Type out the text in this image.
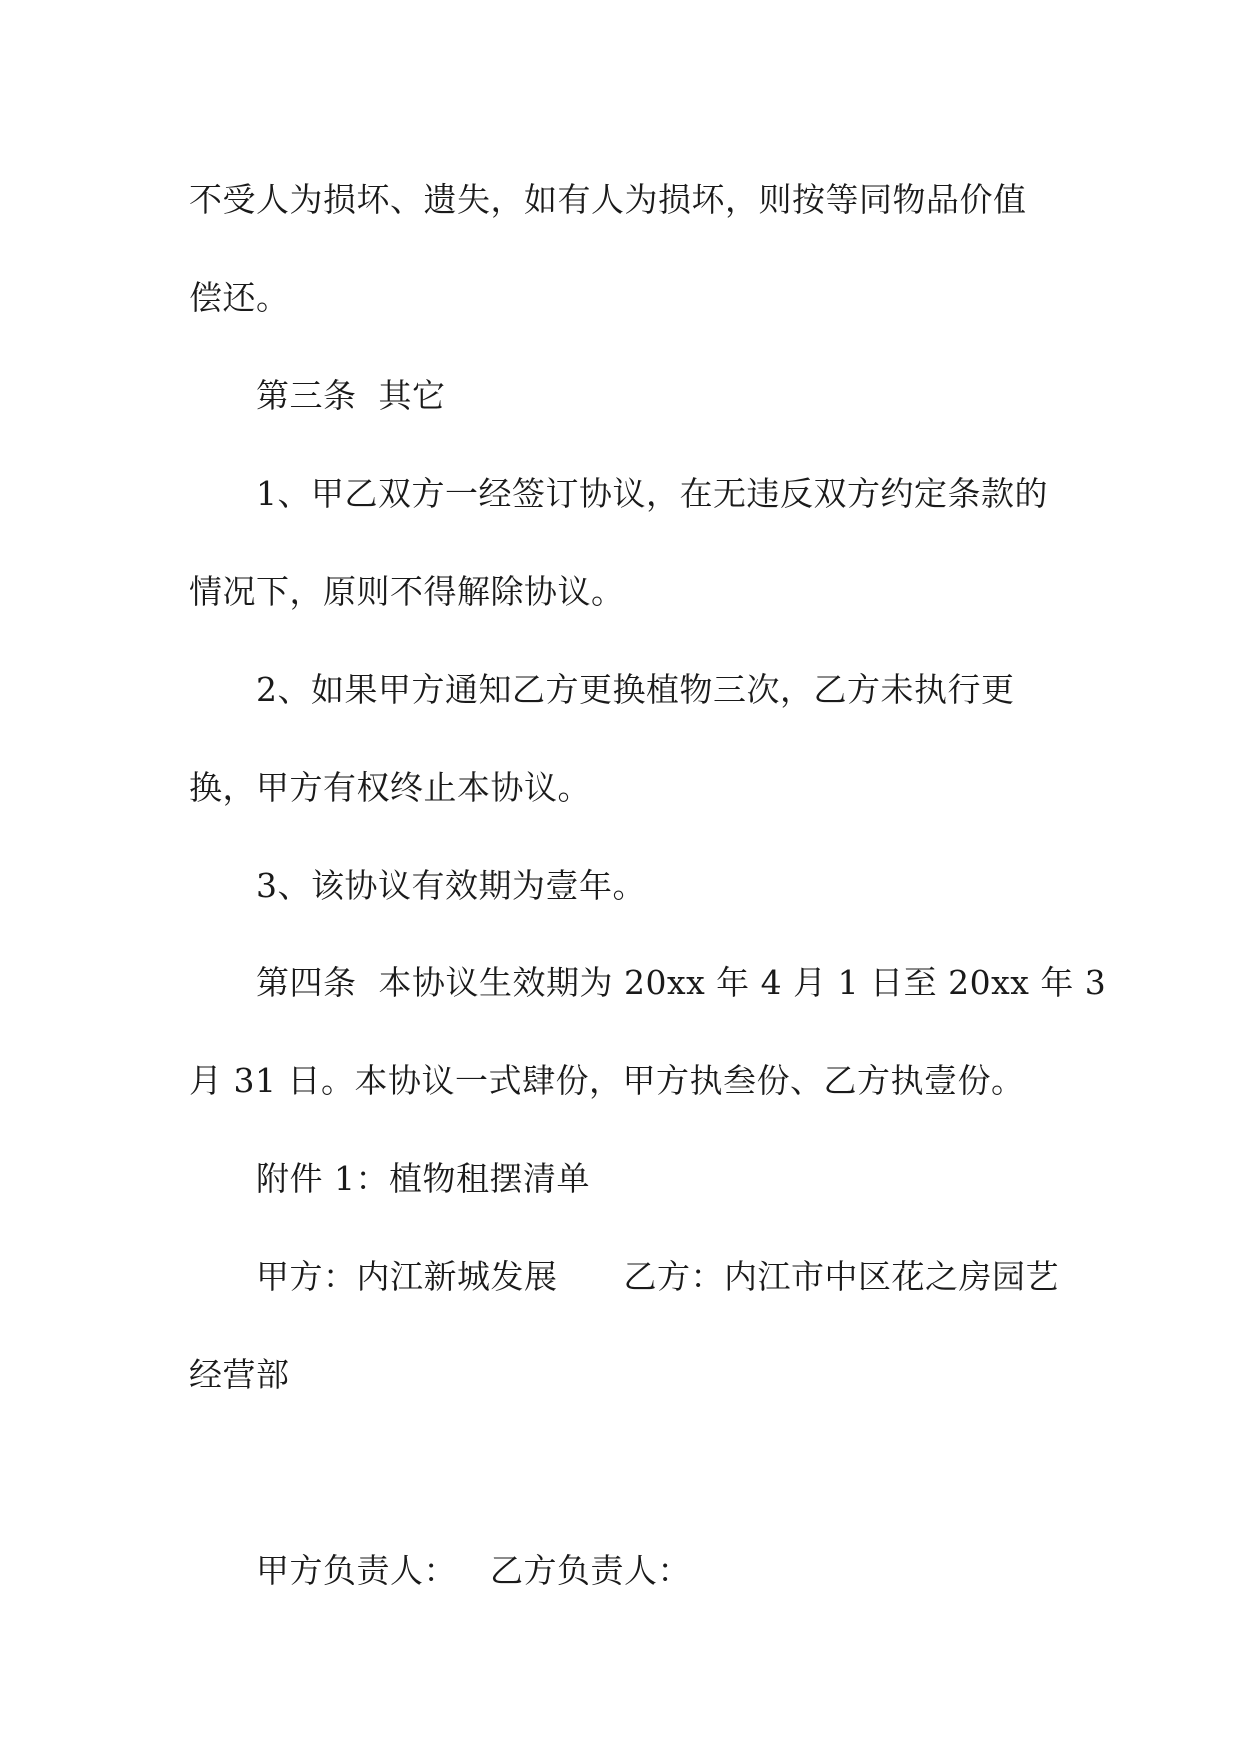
不受人为损坏、遗失，如有人为损坏，则按等同物品价值
偿还。
第三条  其它
1、甲乙双方一经签订协议，在无违反双方约定条款的
情况下，原则不得解除协议。
2、如果甲方通知乙方更换植物三次，乙方未执行更
换，甲方有权终止本协议。
3、该协议有效期为壹年。
第四条  本协议生效期为 20xx 年 4 月 1 日至 20xx 年 3
月 31 日。本协议一式肆份，甲方执叁份、乙方执壹份。
附件 1：植物租摆清单
甲方：内江新城发展      乙方：内江市中区花之房园艺
经营部
甲方负责人：   乙方负责人：
